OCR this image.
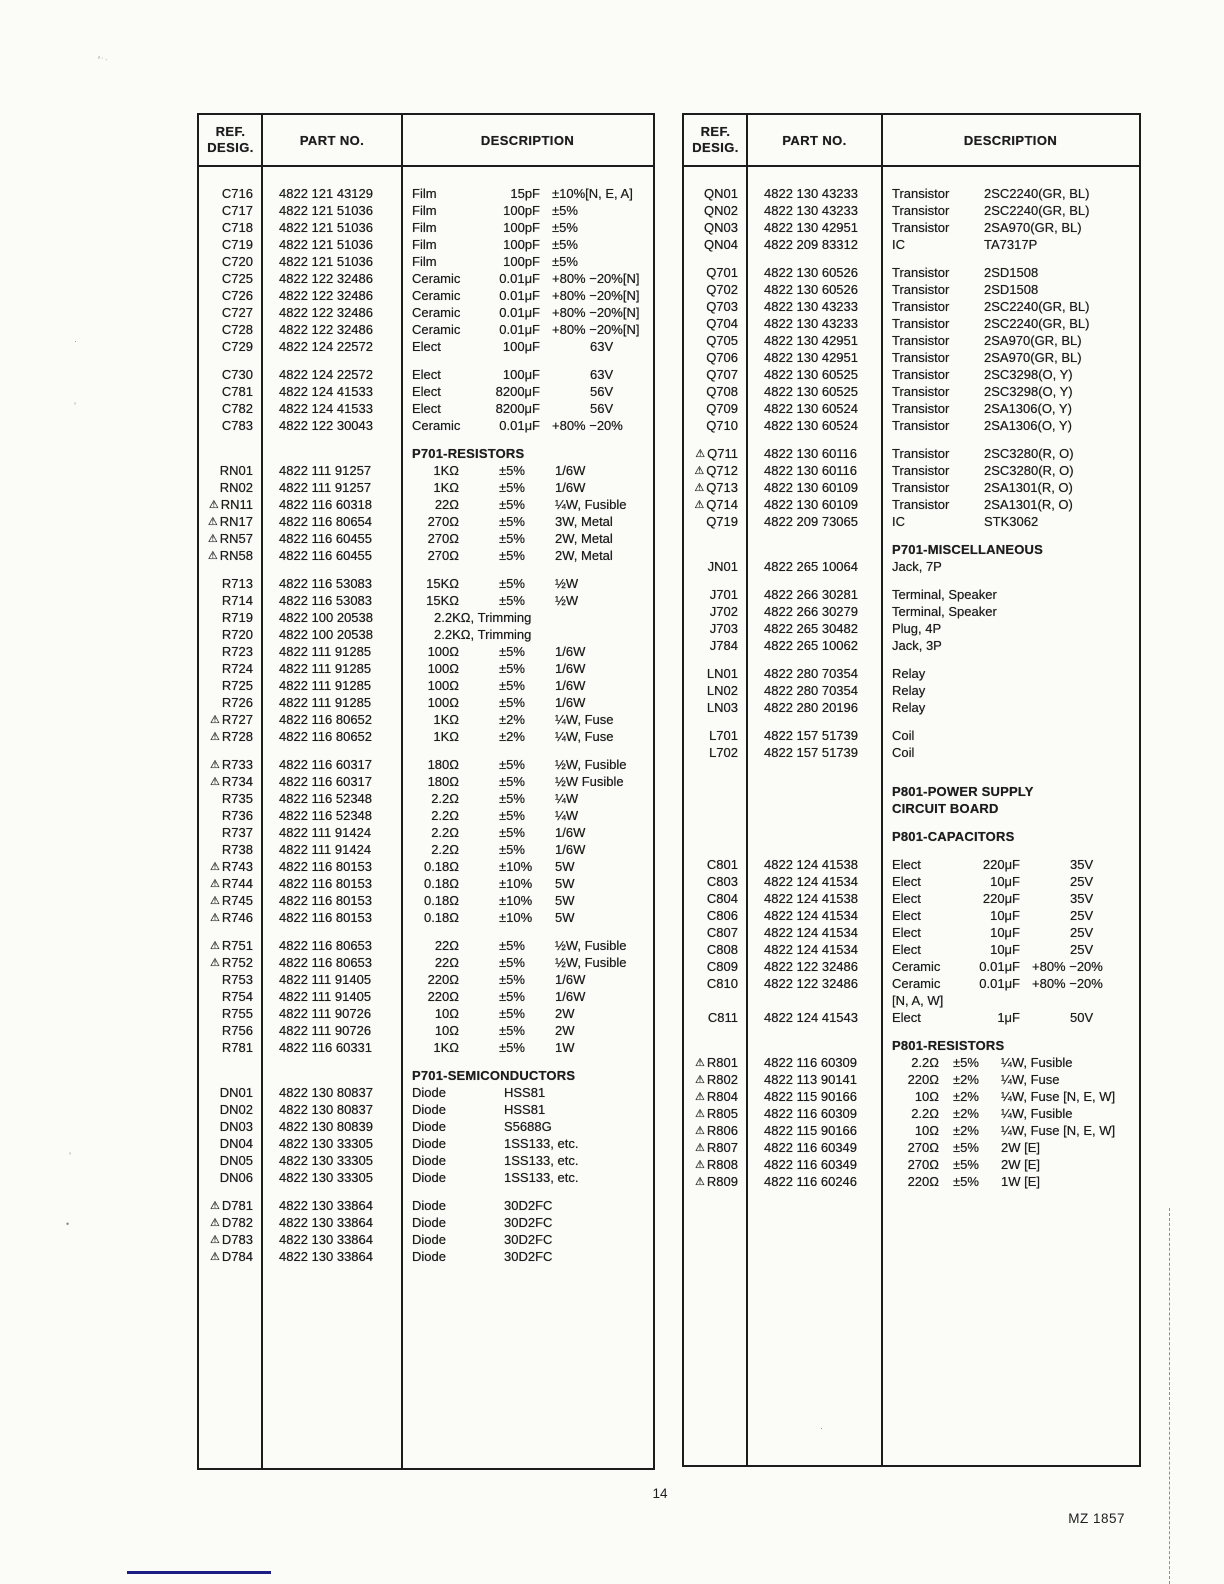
REF.
DESIG.	PART NO.	DESCRIPTION
C716	4822 121 43129	Film	15pF ±10%[N, E, A]
C717	4822 121 51036	Film	100pF ±5%
C718	4822 121 51036	Film	100pF ±5%
C719	4822 121 51036	Film	100pF ±5%
C720	4822 121 51036	Film	100pF ±5%
C725	4822 122 32486	Ceramic	0.01μF +80% −20%[N]
C726	4822 122 32486	Ceramic	0.01μF +80% −20%[N]
C727	4822 122 32486	Ceramic	0.01μF +80% −20%[N]
C728	4822 122 32486	Ceramic	0.01μF +80% −20%[N]
C729	4822 124 22572	Elect	100μF	63V
C730	4822 124 22572	Elect	100μF	63V
C781	4822 124 41533	Elect	8200μF	56V
C782	4822 124 41533	Elect	8200μF	56V
C783	4822 122 30043	Ceramic	0.01μF +80% −20%
P701-RESISTORS
RN01	4822 111 91257	1KΩ	±5% 1/6W
RN02	4822 111 91257	1KΩ	±5% 1/6W
⚠︎ RN11	4822 116 60318	22Ω	±5% ¼W, Fusible
⚠︎ RN17	4822 116 80654	270Ω	±5% 3W, Metal
⚠︎ RN57	4822 116 60455	270Ω	±5% 2W, Metal
⚠︎ RN58	4822 116 60455	270Ω	±5% 2W, Metal
R713	4822 116 53083	15KΩ	±5% ½W
R714	4822 116 53083	15KΩ	±5% ½W
R719	4822 100 20538	2.2KΩ, Trimming
R720	4822 100 20538	2.2KΩ, Trimming
R723	4822 111 91285	100Ω	±5% 1/6W
R724	4822 111 91285	100Ω	±5% 1/6W
R725	4822 111 91285	100Ω	±5% 1/6W
R726	4822 111 91285	100Ω	±5% 1/6W
⚠︎ R727	4822 116 80652	1KΩ	±2% ¼W, Fuse
⚠︎ R728	4822 116 80652	1KΩ	±2% ¼W, Fuse
⚠︎ R733	4822 116 60317	180Ω	±5% ½W, Fusible
⚠︎ R734	4822 116 60317	180Ω	±5% ½W Fusible
R735	4822 116 52348	2.2Ω	±5% ¼W
R736	4822 116 52348	2.2Ω	±5% ¼W
R737	4822 111 91424	2.2Ω	±5% 1/6W
R738	4822 111 91424	2.2Ω	±5% 1/6W
⚠︎ R743	4822 116 80153	0.18Ω	±10% 5W
⚠︎ R744	4822 116 80153	0.18Ω	±10% 5W
⚠︎ R745	4822 116 80153	0.18Ω	±10% 5W
⚠︎ R746	4822 116 80153	0.18Ω	±10% 5W
⚠︎ R751	4822 116 80653	22Ω	±5% ½W, Fusible
⚠︎ R752	4822 116 80653	22Ω	±5% ½W, Fusible
R753	4822 111 91405	220Ω	±5% 1/6W
R754	4822 111 91405	220Ω	±5% 1/6W
R755	4822 111 90726	10Ω	±5% 2W
R756	4822 111 90726	10Ω	±5% 2W
R781	4822 116 60331	1KΩ	±5% 1W
P701-SEMICONDUCTORS
DN01	4822 130 80837	Diode	HSS81
DN02	4822 130 80837	Diode	HSS81
DN03	4822 130 80839	Diode	S5688G
DN04	4822 130 33305	Diode	1SS133, etc.
DN05	4822 130 33305	Diode	1SS133, etc.
DN06	4822 130 33305	Diode	1SS133, etc.
⚠︎ D781	4822 130 33864	Diode	30D2FC
⚠︎ D782	4822 130 33864	Diode	30D2FC
⚠︎ D783	4822 130 33864	Diode	30D2FC
⚠︎ D784	4822 130 33864	Diode	30D2FC
REF.
DESIG.	PART NO.	DESCRIPTION
QN01	4822 130 43233	Transistor	2SC2240(GR, BL)
QN02	4822 130 43233	Transistor	2SC2240(GR, BL)
QN03	4822 130 42951	Transistor	2SA970(GR, BL)
QN04	4822 209 83312	IC	TA7317P
Q701	4822 130 60526	Transistor	2SD1508
Q702	4822 130 60526	Transistor	2SD1508
Q703	4822 130 43233	Transistor	2SC2240(GR, BL)
Q704	4822 130 43233	Transistor	2SC2240(GR, BL)
Q705	4822 130 42951	Transistor	2SA970(GR, BL)
Q706	4822 130 42951	Transistor	2SA970(GR, BL)
Q707	4822 130 60525	Transistor	2SC3298(O, Y)
Q708	4822 130 60525	Transistor	2SC3298(O, Y)
Q709	4822 130 60524	Transistor	2SA1306(O, Y)
Q710	4822 130 60524	Transistor	2SA1306(O, Y)
⚠︎ Q711	4822 130 60116	Transistor	2SC3280(R, O)
⚠︎ Q712	4822 130 60116	Transistor	2SC3280(R, O)
⚠︎ Q713	4822 130 60109	Transistor	2SA1301(R, O)
⚠︎ Q714	4822 130 60109	Transistor	2SA1301(R, O)
Q719	4822 209 73065	IC	STK3062
P701-MISCELLANEOUS
JN01	4822 265 10064	Jack, 7P
J701	4822 266 30281	Terminal, Speaker
J702	4822 266 30279	Terminal, Speaker
J703	4822 265 30482	Plug, 4P
J784	4822 265 10062	Jack, 3P
LN01	4822 280 70354	Relay
LN02	4822 280 70354	Relay
LN03	4822 280 20196	Relay
L701	4822 157 51739	Coil
L702	4822 157 51739	Coil
P801-POWER SUPPLY
CIRCUIT BOARD
P801-CAPACITORS
C801	4822 124 41538	Elect	220μF	35V
C803	4822 124 41534	Elect	10μF	25V
C804	4822 124 41538	Elect	220μF	35V
C806	4822 124 41534	Elect	10μF	25V
C807	4822 124 41534	Elect	10μF	25V
C808	4822 124 41534	Elect	10μF	25V
C809	4822 122 32486	Ceramic	0.01μF +80% −20%
C810	4822 122 32486	Ceramic	0.01μF +80% −20%
[N, A, W]
C811	4822 124 41543	Elect	1μF	50V
P801-RESISTORS
⚠︎ R801	4822 116 60309	2.2Ω ±5% ¼W, Fusible
⚠︎ R802	4822 113 90141	220Ω ±2% ¼W, Fuse
⚠︎ R804	4822 115 90166	10Ω ±2% ¼W, Fuse [N, E, W]
⚠︎ R805	4822 116 60309	2.2Ω ±2% ¼W, Fusible
⚠︎ R806	4822 115 90166	10Ω ±2% ¼W, Fuse [N, E, W]
⚠︎ R807	4822 116 60349	270Ω ±5% 2W [E]
⚠︎ R808	4822 116 60349	270Ω ±5% 2W [E]
⚠︎ R809	4822 116 60246	220Ω ±5% 1W [E]
14
MZ 1857
ⁿ·,
·
’
’
•
·
